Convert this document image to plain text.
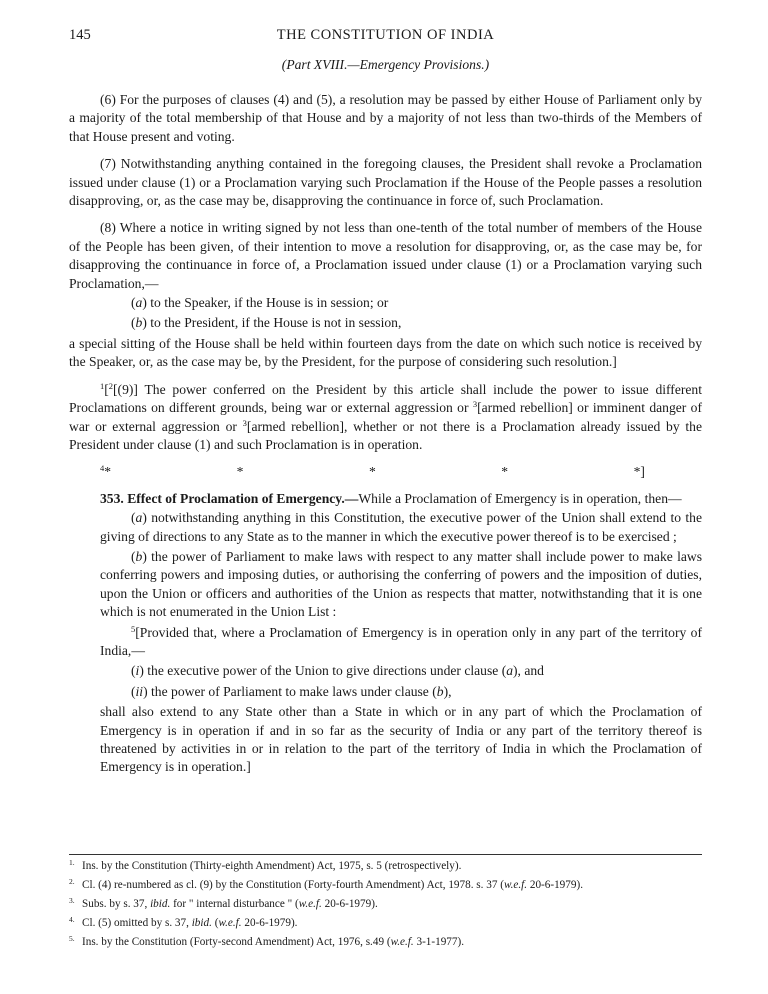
145	THE CONSTITUTION OF INDIA
(Part XVIII.—Emergency Provisions.)

(6) For the purposes of clauses (4) and (5), a resolution may be passed by either House of Parliament only by a majority of the total membership of that House and by a majority of not less than two-thirds of the Members of that House present and voting.

(7) Notwithstanding anything contained in the foregoing clauses, the President shall revoke a Proclamation issued under clause (1) or a Proclamation varying such Proclamation if the House of the People passes a resolution disapproving, or, as the case may be, disapproving the continuance in force of, such Proclamation.

(8) Where a notice in writing signed by not less than one-tenth of the total number of members of the House of the People has been given, of their intention to move a resolution for disapproving, or, as the case may be, for disapproving the continuance in force of, a Proclamation issued under clause (1) or a Proclamation varying such Proclamation,—

(a) to the Speaker, if the House is in session; or
(b) to the President, if the House is not in session,

a special sitting of the House shall be held within fourteen days from the date on which such notice is received by the Speaker, or, as the case may be, by the President, for the purpose of considering such resolution.]

$^1$[$^2$[(9)] The power conferred on the President by this article shall include the power to issue different Proclamations on different grounds, being war or external aggression or $^3$[armed rebellion] or imminent danger of war or external aggression or $^3$[armed rebellion], whether or not there is a Proclamation already issued by the President under clause (1) and such Proclamation is in operation.

$^4$*	*	*	*	*]

353. Effect of Proclamation of Emergency.—While a Proclamation of Emergency is in operation, then—

(a) notwithstanding anything in this Constitution, the executive power of the Union shall extend to the giving of directions to any State as to the manner in which the executive power thereof is to be exercised ;

(b) the power of Parliament to make laws with respect to any matter shall include power to make laws conferring powers and imposing duties, or authorising the conferring of powers and the imposition of duties, upon the Union or officers and authorities of the Union as respects that matter, notwithstanding that it is one which is not enumerated in the Union List :

$^5$[Provided that, where a Proclamation of Emergency is in operation only in any part of the territory of India,—

(i) the executive power of the Union to give directions under clause (a), and
(ii) the power of Parliament to make laws under clause (b),

shall also extend to any State other than a State in which or in any part of which the Proclamation of Emergency is in operation if and in so far as the security of India or any part of the territory thereof is threatened by activities in or in relation to the part of the territory of India in which the Proclamation of Emergency is in operation.]

$^{1.}$ Ins. by the Constitution (Thirty-eighth Amendment) Act, 1975, s. 5 (retrospectively).
$^{2.}$ Cl. (4) re-numbered as cl. (9) by the Constitution (Forty-fourth Amendment) Act, 1978. s. 37 (w.e.f. 20-6-1979).
$^{3.}$ Subs. by s. 37, ibid. for " internal disturbance " (w.e.f. 20-6-1979).
$^{4.}$ Cl. (5) omitted by s. 37, ibid. (w.e.f. 20-6-1979).
$^{5.}$ Ins. by the Constitution (Forty-second Amendment) Act, 1976, s.49 (w.e.f. 3-1-1977).
